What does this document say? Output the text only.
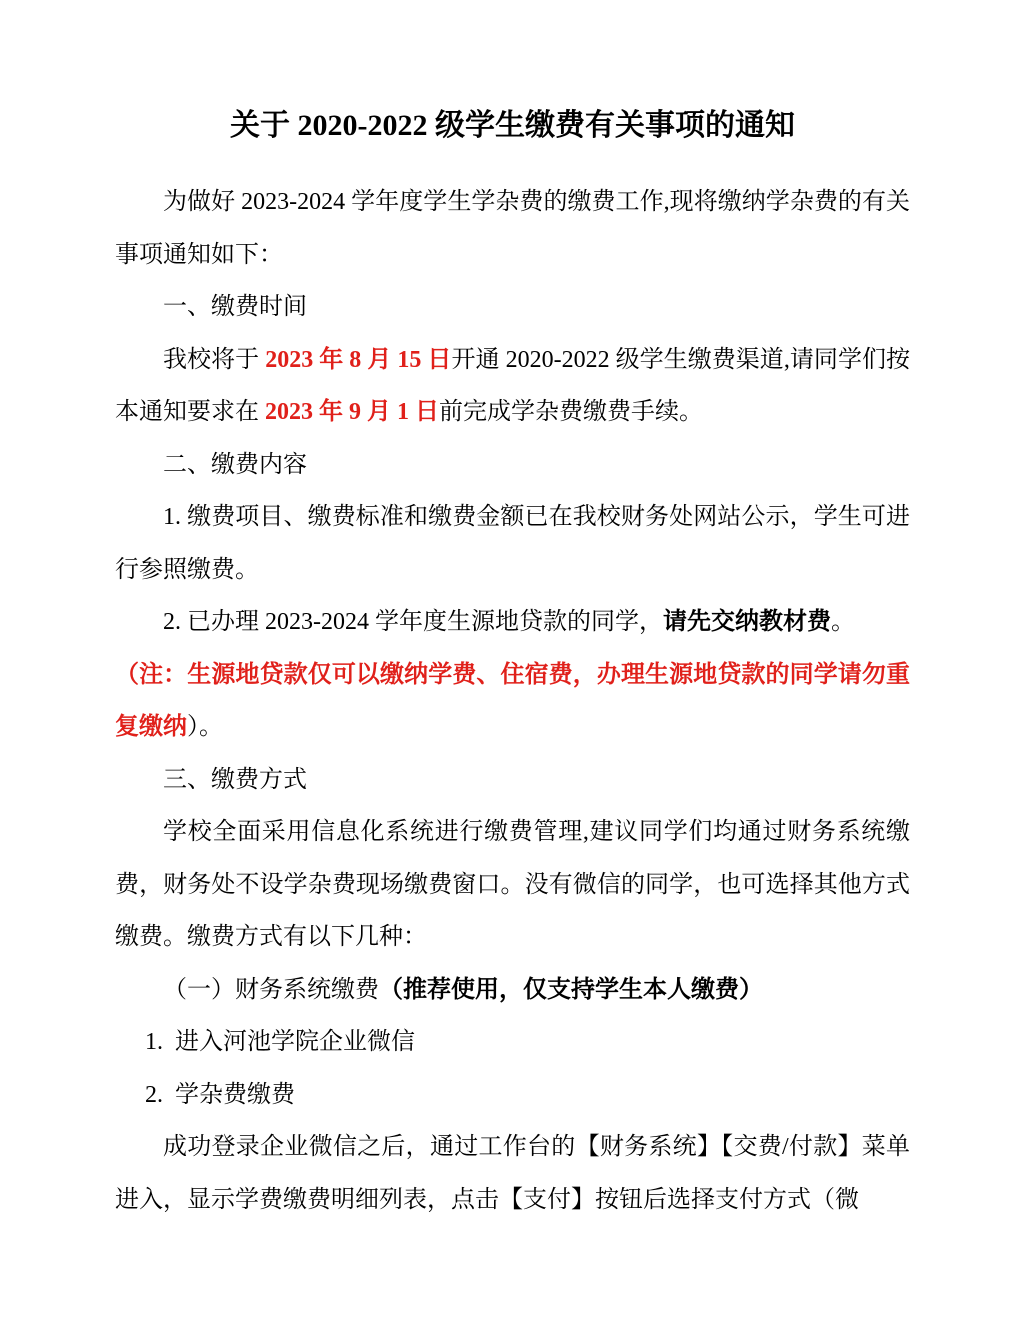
关于 2020-2022 级学生缴费有关事项的通知

为做好 2023-2024 学年度学生学杂费的缴费工作,现将缴纳学杂费的有关事项通知如下：

一、缴费时间

我校将于 2023 年 8 月 15 日开通 2020-2022 级学生缴费渠道,请同学们按本通知要求在 2023 年 9 月 1 日前完成学杂费缴费手续。

二、缴费内容

1. 缴费项目、缴费标准和缴费金额已在我校财务处网站公示，学生可进行参照缴费。

2. 已办理 2023-2024 学年度生源地贷款的同学，请先交纳教材费。

（注：生源地贷款仅可以缴纳学费、住宿费，办理生源地贷款的同学请勿重复缴纳）。

三、缴费方式

学校全面采用信息化系统进行缴费管理,建议同学们均通过财务系统缴费，财务处不设学杂费现场缴费窗口。没有微信的同学，也可选择其他方式缴费。缴费方式有以下几种：

（一）财务系统缴费（推荐使用，仅支持学生本人缴费）

1.  进入河池学院企业微信

2.  学杂费缴费

成功登录企业微信之后，通过工作台的【财务系统】【交费/付款】菜单进入，显示学费缴费明细列表，点击【支付】按钮后选择支付方式（微
